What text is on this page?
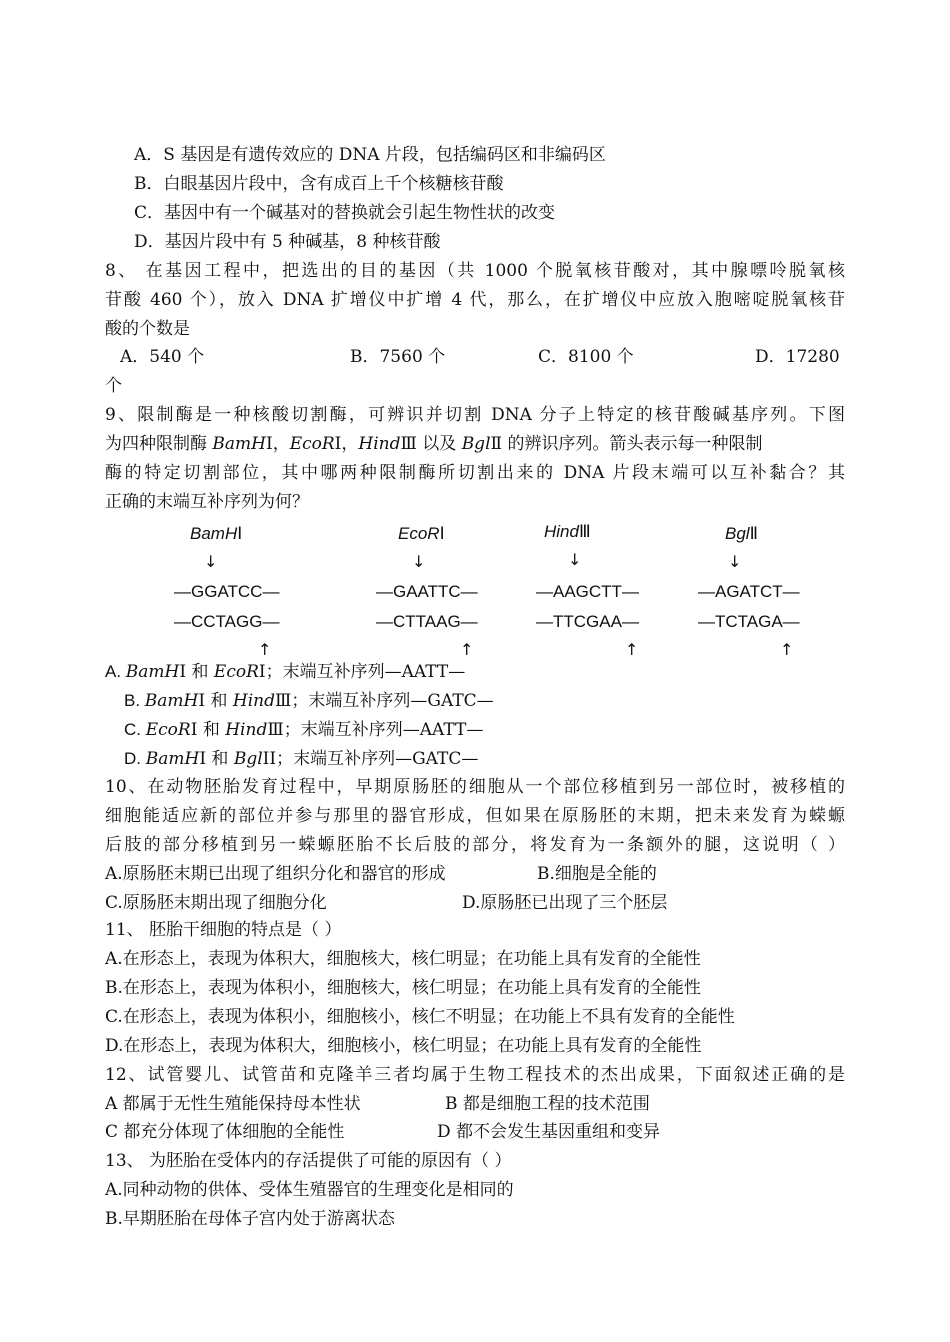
A．S 基因是有遗传效应的 DNA 片段，包括编码区和非编码区
B．白眼基因片段中，含有成百上千个核糖核苷酸
C．基因中有一个碱基对的替换就会引起生物性状的改变
D．基因片段中有 5 种碱基，8 种核苷酸
8、 在基因工程中，把选出的目的基因（共 1000 个脱氧核苷酸对，其中腺嘌呤脱氧核
苷酸 460 个），放入 DNA 扩增仪中扩增 4 代，那么，在扩增仪中应放入胞嘧啶脱氧核苷
酸的个数是
A．540 个	B．7560 个	C．8100 个	D．17280
个
9、限制酶是一种核酸切割酶，可辨识并切割 DNA 分子上特定的核苷酸碱基序列。下图
为四种限制酶 BamHⅠ，EcoRⅠ，HindⅢ 以及 BglⅡ 的辨识序列。箭头表示每一种限制
酶的特定切割部位，其中哪两种限制酶所切割出来的 DNA 片段末端可以互补黏合？其
正确的末端互补序列为何？
BamHⅠ
↓
—GGATCC—
—CCTAGG—
↑
EcoRⅠ
↓
—GAATTC—
—CTTAAG—
↑
HindⅢ
↓
—AAGCTT—
—TTCGAA—
↑
BglⅡ
↓
—AGATCT—
—TCTAGA—
↑
A. BamHⅠ 和 EcoRⅠ；末端互补序列—AATT—
B. BamHⅠ 和 HindⅢ；末端互补序列—GATC—
C. EcoRⅠ 和 HindⅢ；末端互补序列—AATT—
D. BamHⅠ 和 BglⅠI；末端互补序列—GATC—
10、在动物胚胎发育过程中，早期原肠胚的细胞从一个部位移植到另一部位时，被移植的
细胞能适应新的部位并参与那里的器官形成，但如果在原肠胚的末期，把未来发育为蝾螈
后肢的部分移植到另一蝾螈胚胎不长后肢的部分，将发育为一条额外的腿，这说明（ ）
A.原肠胚末期已出现了组织分化和器官的形成	B.细胞是全能的
C.原肠胚末期出现了细胞分化	D.原肠胚已出现了三个胚层
11、 胚胎干细胞的特点是（ ）
A.在形态上，表现为体积大，细胞核大，核仁明显；在功能上具有发育的全能性
B.在形态上，表现为体积小，细胞核大，核仁明显；在功能上具有发育的全能性
C.在形态上，表现为体积小，细胞核小，核仁不明显；在功能上不具有发育的全能性
D.在形态上，表现为体积大，细胞核小，核仁明显；在功能上具有发育的全能性
12、试管婴儿、试管苗和克隆羊三者均属于生物工程技术的杰出成果，下面叙述正确的是
A 都属于无性生殖能保持母本性状	B 都是细胞工程的技术范围
C 都充分体现了体细胞的全能性	D 都不会发生基因重组和变异
13、 为胚胎在受体内的存活提供了可能的原因有（ ）
A.同种动物的供体、受体生殖器官的生理变化是相同的
B.早期胚胎在母体子宫内处于游离状态
